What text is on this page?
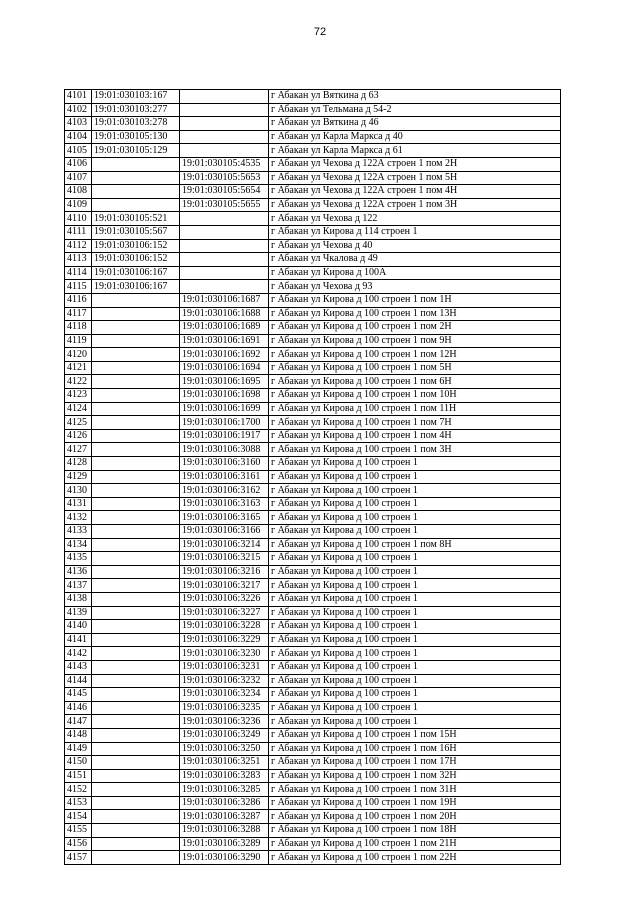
72
4101	19:01:030103:167		г Абакан ул Вяткина д 63
4102	19:01:030103:277		г Абакан ул Тельмана д 54-2
4103	19:01:030103:278		г Абакан ул Вяткина д 46
4104	19:01:030105:130		г Абакан ул Карла Маркса д 40
4105	19:01:030105:129		г Абакан ул Карла Маркса д 61
4106		19:01:030105:4535	г Абакан ул Чехова д 122А строен 1 пом 2Н
4107		19:01:030105:5653	г Абакан ул Чехова д 122А строен 1 пом 5Н
4108		19:01:030105:5654	г Абакан ул Чехова д 122А строен 1 пом 4Н
4109		19:01:030105:5655	г Абакан ул Чехова д 122А строен 1 пом 3Н
4110	19:01:030105:521		г Абакан ул Чехова д 122
4111	19:01:030105:567		г Абакан ул Кирова д 114 строен 1
4112	19:01:030106:152		г Абакан ул Чехова д 40
4113	19:01:030106:152		г Абакан ул Чкалова д 49
4114	19:01:030106:167		г Абакан ул Кирова д 100А
4115	19:01:030106:167		г Абакан ул Чехова д 93
4116		19:01:030106:1687	г Абакан ул Кирова д 100 строен 1 пом 1Н
4117		19:01:030106:1688	г Абакан ул Кирова д 100 строен 1 пом 13Н
4118		19:01:030106:1689	г Абакан ул Кирова д 100 строен 1 пом 2Н
4119		19:01:030106:1691	г Абакан ул Кирова д 100 строен 1 пом 9Н
4120		19:01:030106:1692	г Абакан ул Кирова д 100 строен 1 пом 12Н
4121		19:01:030106:1694	г Абакан ул Кирова д 100 строен 1 пом 5Н
4122		19:01:030106:1695	г Абакан ул Кирова д 100 строен 1 пом 6Н
4123		19:01:030106:1698	г Абакан ул Кирова д 100 строен 1 пом 10Н
4124		19:01:030106:1699	г Абакан ул Кирова д 100 строен 1 пом 11Н
4125		19:01:030106:1700	г Абакан ул Кирова д 100 строен 1 пом 7Н
4126		19:01:030106:1917	г Абакан ул Кирова д 100 строен 1 пом 4Н
4127		19:01:030106:3088	г Абакан ул Кирова д 100 строен 1 пом 3Н
4128		19:01:030106:3160	г Абакан ул Кирова д 100 строен 1
4129		19:01:030106:3161	г Абакан ул Кирова д 100 строен 1
4130		19:01:030106:3162	г Абакан ул Кирова д 100 строен 1
4131		19:01:030106:3163	г Абакан ул Кирова д 100 строен 1
4132		19:01:030106:3165	г Абакан ул Кирова д 100 строен 1
4133		19:01:030106:3166	г Абакан ул Кирова д 100 строен 1
4134		19:01:030106:3214	г Абакан ул Кирова д 100 строен 1 пом 8Н
4135		19:01:030106:3215	г Абакан ул Кирова д 100 строен 1
4136		19:01:030106:3216	г Абакан ул Кирова д 100 строен 1
4137		19:01:030106:3217	г Абакан ул Кирова д 100 строен 1
4138		19:01:030106:3226	г Абакан ул Кирова д 100 строен 1
4139		19:01:030106:3227	г Абакан ул Кирова д 100 строен 1
4140		19:01:030106:3228	г Абакан ул Кирова д 100 строен 1
4141		19:01:030106:3229	г Абакан ул Кирова д 100 строен 1
4142		19:01:030106:3230	г Абакан ул Кирова д 100 строен 1
4143		19:01:030106:3231	г Абакан ул Кирова д 100 строен 1
4144		19:01:030106:3232	г Абакан ул Кирова д 100 строен 1
4145		19:01:030106:3234	г Абакан ул Кирова д 100 строен 1
4146		19:01:030106:3235	г Абакан ул Кирова д 100 строен 1
4147		19:01:030106:3236	г Абакан ул Кирова д 100 строен 1
4148		19:01:030106:3249	г Абакан ул Кирова д 100 строен 1 пом 15Н
4149		19:01:030106:3250	г Абакан ул Кирова д 100 строен 1 пом 16Н
4150		19:01:030106:3251	г Абакан ул Кирова д 100 строен 1 пом 17Н
4151		19:01:030106:3283	г Абакан ул Кирова д 100 строен 1 пом 32Н
4152		19:01:030106:3285	г Абакан ул Кирова д 100 строен 1 пом 31Н
4153		19:01:030106:3286	г Абакан ул Кирова д 100 строен 1 пом 19Н
4154		19:01:030106:3287	г Абакан ул Кирова д 100 строен 1 пом 20Н
4155		19:01:030106:3288	г Абакан ул Кирова д 100 строен 1 пом 18Н
4156		19:01:030106:3289	г Абакан ул Кирова д 100 строен 1 пом 21Н
4157		19:01:030106:3290	г Абакан ул Кирова д 100 строен 1 пом 22Н
